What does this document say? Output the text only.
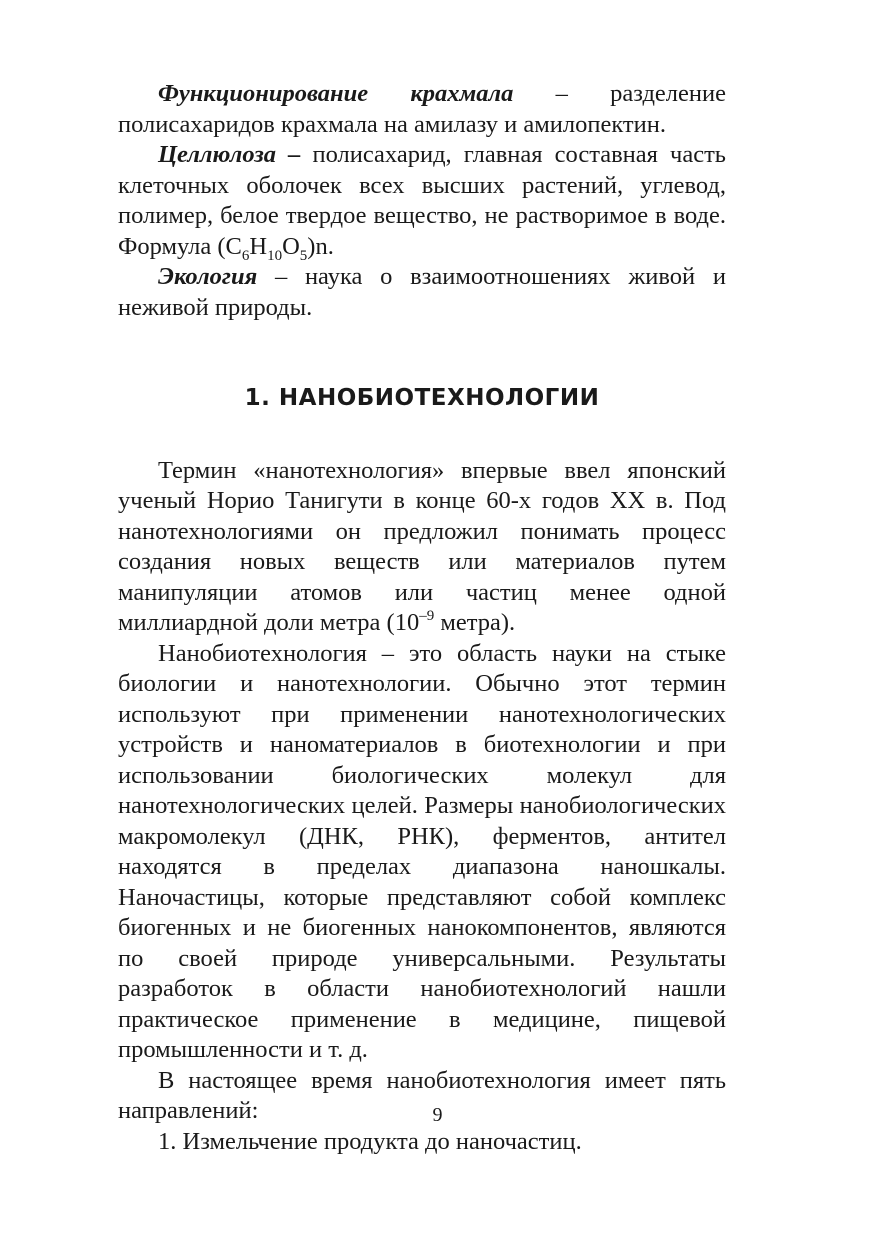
Функционирование крахмала – разделение полисахаридов крахмала на амилазу и амилопектин.

Целлюлоза – полисахарид, главная составная часть клеточных оболочек всех высших растений, углевод, полимер, белое твердое вещество, не растворимое в воде. Формула $(C_6H_{10}O_5)n$.

Экология – наука о взаимоотношениях живой и неживой природы.

1. НАНОБИОТЕХНОЛОГИИ

Термин «нанотехнология» впервые ввел японский ученый Норио Танигути в конце 60-х годов XX в. Под нанотехнологиями он предложил понимать процесс создания новых веществ или материалов путем манипуляции атомов или частиц менее одной миллиардной доли метра ($10^{-9}$ метра).

Нанобиотехнология – это область науки на стыке биологии и нанотехнологии. Обычно этот термин используют при применении нанотехнологических устройств и наноматериалов в биотехнологии и при использовании биологических молекул для нанотехнологических целей. Размеры нанобиологических макромолекул (ДНК, РНК), ферментов, антител находятся в пределах диапазона наношкалы. Наночастицы, которые представляют собой комплекс биогенных и не биогенных нанокомпонентов, являются по своей природе универсальными. Результаты разработок в области нанобиотехнологий нашли практическое применение в медицине, пищевой промышленности и т. д.

В настоящее время нанобиотехнология имеет пять направлений:

1. Измельчение продукта до наночастиц.

9
